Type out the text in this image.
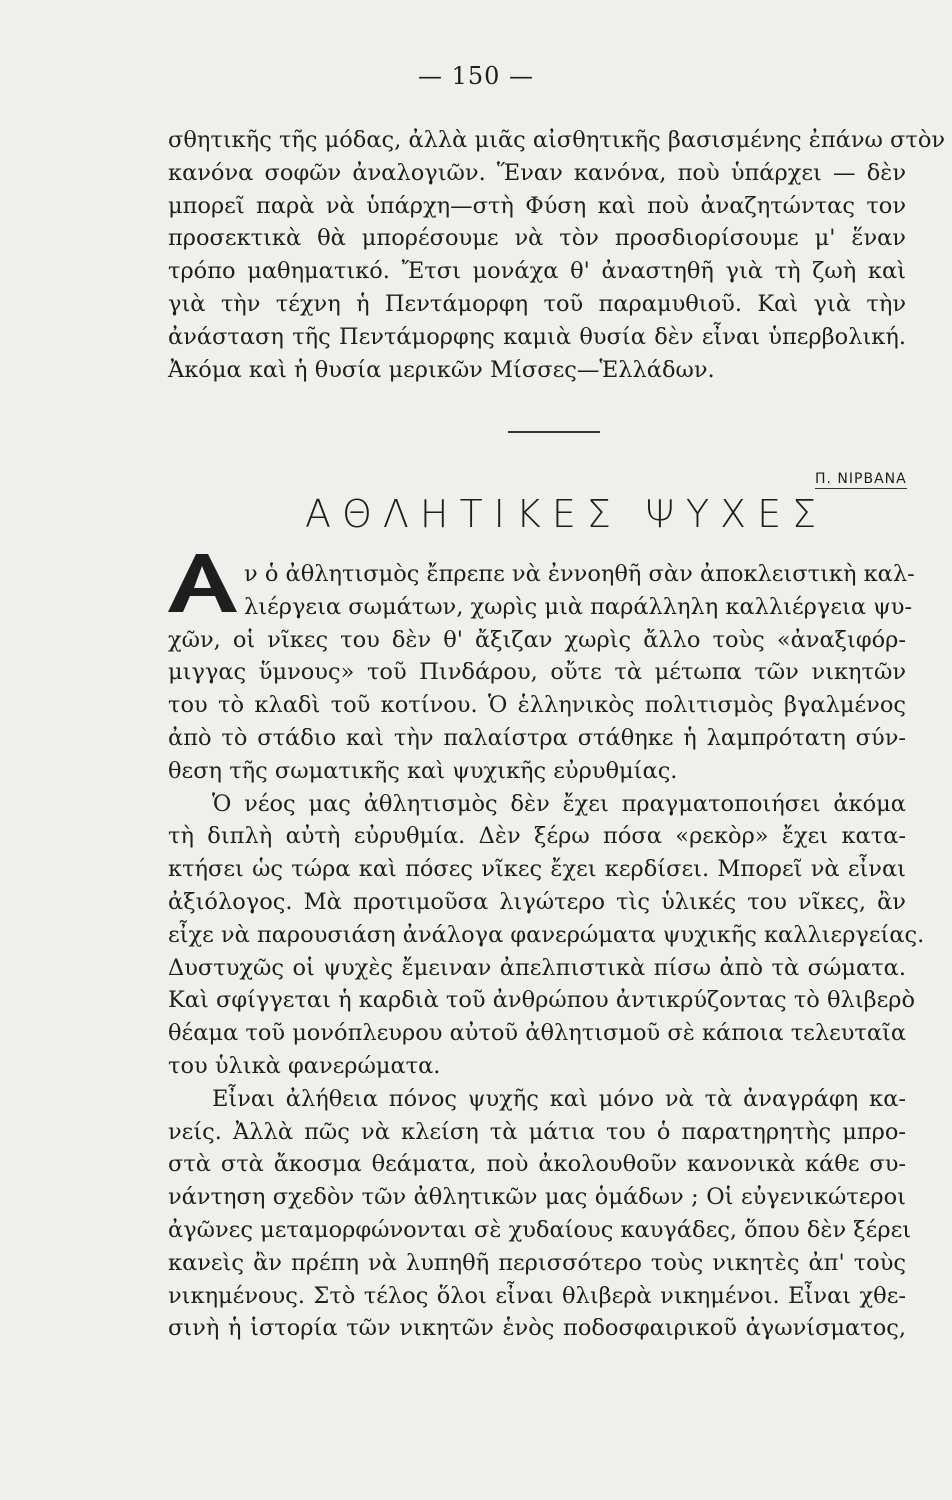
— 150 —
σθητικῆς τῆς μόδας, ἀλλὰ μιᾶς αἰσθητικῆς βασισμένης ἐπάνω στὸν
κανόνα σοφῶν ἀναλογιῶν. Ἕναν κανόνα, ποὺ ὑπάρχει — δὲν
μπορεῖ παρὰ νὰ ὑπάρχη—στὴ Φύση καὶ ποὺ ἀναζητώντας τον
προσεκτικὰ θὰ μπορέσουμε νὰ τὸν προσδιορίσουμε μ' ἕναν
τρόπο μαθηματικό. Ἔτσι μονάχα θ' ἀναστηθῆ γιὰ τὴ ζωὴ καὶ
γιὰ τὴν τέχνη ἡ Πεντάμορφη τοῦ παραμυθιοῦ. Καὶ γιὰ τὴν
ἀνάσταση τῆς Πεντάμορφης καμιὰ θυσία δὲν εἶναι ὑπερβολική.
Ἀκόμα καὶ ἡ θυσία μερικῶν Μίσσες—Ἑλλάδων.
Π. ΝΙΡΒΑΝΑ
ΑΘΛΗΤΙΚΕΣ ΨΥΧΕΣ
ν ὁ ἀθλητισμὸς ἔπρεπε νὰ ἐννοηθῆ σὰν ἀποκλειστικὴ καλ-
λιέργεια σωμάτων, χωρὶς μιὰ παράλληλη καλλιέργεια ψυ-
χῶν, οἱ νῖκες του δὲν θ' ἄξιζαν χωρὶς ἄλλο τοὺς «ἀναξιφόρ-
μιγγας ὕμνους» τοῦ Πινδάρου, οὔτε τὰ μέτωπα τῶν νικητῶν
του τὸ κλαδὶ τοῦ κοτίνου. Ὁ ἑλληνικὸς πολιτισμὸς βγαλμένος
ἀπὸ τὸ στάδιο καὶ τὴν παλαίστρα στάθηκε ἡ λαμπρότατη σύν-
θεση τῆς σωματικῆς καὶ ψυχικῆς εὐρυθμίας.
Ὁ νέος μας ἀθλητισμὸς δὲν ἔχει πραγματοποιήσει ἀκόμα
τὴ διπλὴ αὐτὴ εὐρυθμία. Δὲν ξέρω πόσα «ρεκὸρ» ἔχει κατα-
κτήσει ὡς τώρα καὶ πόσες νῖκες ἔχει κερδίσει. Μπορεῖ νὰ εἶναι
ἀξιόλογος. Μὰ προτιμοῦσα λιγώτερο τὶς ὑλικές του νῖκες, ἂν
εἶχε νὰ παρουσιάση ἀνάλογα φανερώματα ψυχικῆς καλλιεργείας.
Δυστυχῶς οἱ ψυχὲς ἔμειναν ἀπελπιστικὰ πίσω ἀπὸ τὰ σώματα.
Καὶ σφίγγεται ἡ καρδιὰ τοῦ ἀνθρώπου ἀντικρύζοντας τὸ θλιβερὸ
θέαμα τοῦ μονόπλευρου αὐτοῦ ἀθλητισμοῦ σὲ κάποια τελευταῖα
του ὑλικὰ φανερώματα.
Εἶναι ἀλήθεια πόνος ψυχῆς καὶ μόνο νὰ τὰ ἀναγράφη κα-
νείς. Ἀλλὰ πῶς νὰ κλείση τὰ μάτια του ὁ παρατηρητὴς μπρο-
στὰ στὰ ἄκοσμα θεάματα, ποὺ ἀκολουθοῦν κανονικὰ κάθε συ-
νάντηση σχεδὸν τῶν ἀθλητικῶν μας ὁμάδων ; Οἱ εὐγενικώτεροι
ἀγῶνες μεταμορφώνονται σὲ χυδαίους καυγάδες, ὅπου δὲν ξέρει
κανεὶς ἂν πρέπη νὰ λυπηθῆ περισσότερο τοὺς νικητὲς ἀπ' τοὺς
νικημένους. Στὸ τέλος ὅλοι εἶναι θλιβερὰ νικημένοι. Εἶναι χθε-
σινὴ ἡ ἱστορία τῶν νικητῶν ἑνὸς ποδοσφαιρικοῦ ἀγωνίσματος,
